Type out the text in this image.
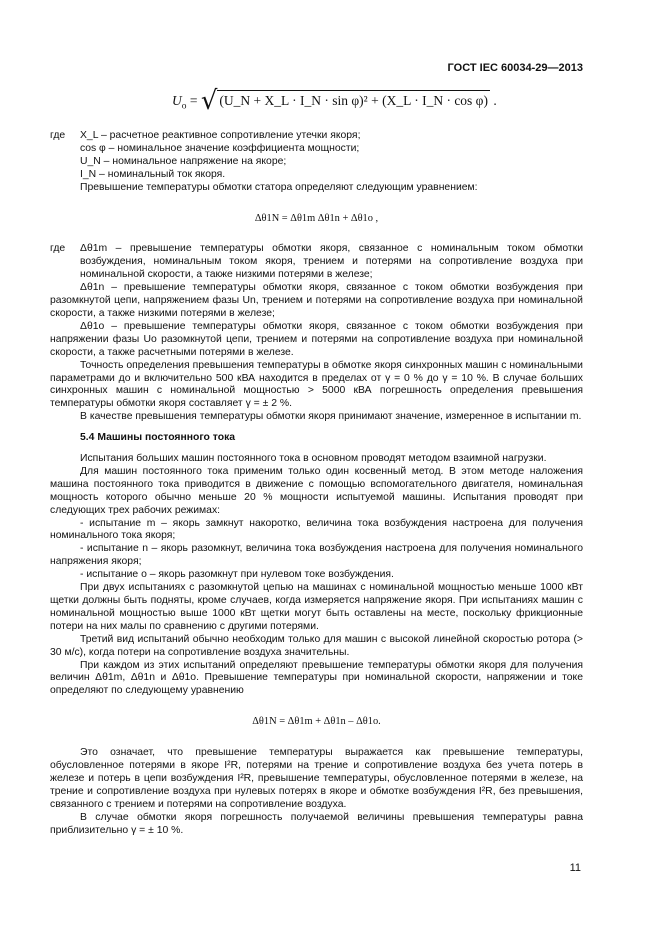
ГОСТ IEC 60034-29—2013
$U_o$ = √ (U_N + X_L · I_N · sin φ)² + (X_L · I_N · cos φ) .
где X_L – расчетное реактивное сопротивление утечки якоря;
cos φ – номинальное значение коэффициента мощности;
U_N – номинальное напряжение на якоре;
I_N – номинальный ток якоря.
Превышение температуры обмотки статора определяют следующим уравнением:
Δθ1N = Δθ1m Δθ1n + Δθ1o ,
где Δθ1m – превышение температуры обмотки якоря, связанное с номинальным током обмотки возбуждения, номинальным током якоря, трением и потерями на сопротивление воздуха при номинальной скорости, а также низкими потерями в железе;
Δθ1n – превышение температуры обмотки якоря, связанное с током обмотки возбуждения при разомкнутой цепи, напряжением фазы Un, трением и потерями на сопротивление воздуха при номинальной скорости, а также низкими потерями в железе;
Δθ1o – превышение температуры обмотки якоря, связанное с током обмотки возбуждения при напряжении фазы Uo разомкнутой цепи, трением и потерями на сопротивление воздуха при номинальной скорости, а также расчетными потерями в железе.
Точность определения превышения температуры в обмотке якоря синхронных машин с номинальными параметрами до и включительно 500 кВА находится в пределах от γ = 0 % до γ = 10 %. В случае больших синхронных машин с номинальной мощностью > 5000 кВА погрешность определения превышения температуры обмотки якоря составляет γ = ± 2 %.
В качестве превышения температуры обмотки якоря принимают значение, измеренное в испытании m.
5.4 Машины постоянного тока
Испытания больших машин постоянного тока в основном проводят методом взаимной нагрузки.
Для машин постоянного тока применим только один косвенный метод. В этом методе наложения машина постоянного тока приводится в движение с помощью вспомогательного двигателя, номинальная мощность которого обычно меньше 20 % мощности испытуемой машины. Испытания проводят при следующих трех рабочих режимах:
- испытание m – якорь замкнут накоротко, величина тока возбуждения настроена для получения номинального тока якоря;
- испытание n – якорь разомкнут, величина тока возбуждения настроена для получения номинального напряжения якоря;
- испытание o – якорь разомкнут при нулевом токе возбуждения.
При двух испытаниях с разомкнутой цепью на машинах с номинальной мощностью меньше 1000 кВт щетки должны быть подняты, кроме случаев, когда измеряется напряжение якоря. При испытаниях машин с номинальной мощностью выше 1000 кВт щетки могут быть оставлены на месте, поскольку фрикционные потери на них малы по сравнению с другими потерями.
Третий вид испытаний обычно необходим только для машин с высокой линейной скоростью ротора (> 30 м/с), когда потери на сопротивление воздуха значительны.
При каждом из этих испытаний определяют превышение температуры обмотки якоря для получения величин Δθ1m, Δθ1n и Δθ1o. Превышение температуры при номинальной скорости, напряжении и токе определяют по следующему уравнению
Δθ1N = Δθ1m + Δθ1n – Δθ1o.
Это означает, что превышение температуры выражается как превышение температуры, обусловленное потерями в якоре I²R, потерями на трение и сопротивление воздуха без учета потерь в железе и потерь в цепи возбуждения I²R, превышение температуры, обусловленное потерями в железе, на трение и сопротивление воздуха при нулевых потерях в якоре и обмотке возбуждения I²R, без превышения, связанного с трением и потерями на сопротивление воздуха.
В случае обмотки якоря погрешность получаемой величины превышения температуры равна приблизительно γ = ± 10 %.
11
